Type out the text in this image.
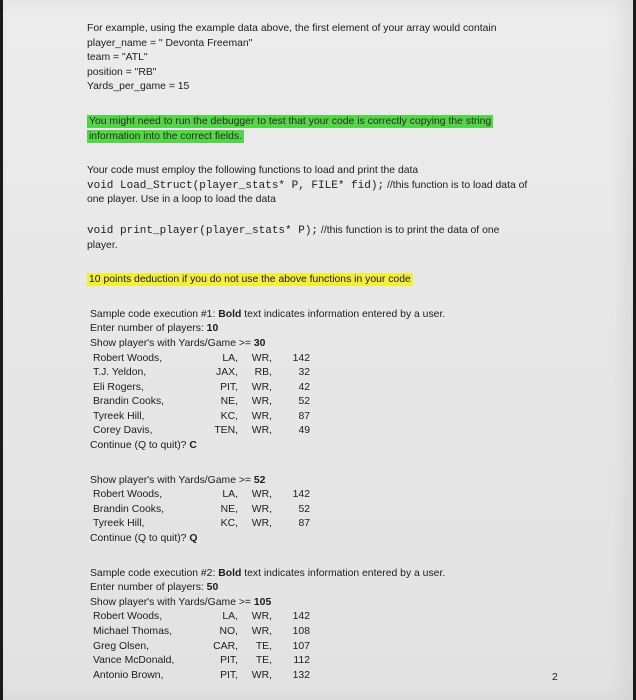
For example, using the example data above, the first element of your array would contain
player_name = " Devonta Freeman"
team = "ATL"
position = "RB"
Yards_per_game = 15
You might need to run the debugger to test that your code is correctly copying the string
information into the correct fields.
Your code must employ the following functions to load and print the data
void Load_Struct(player_stats* P, FILE* fid); //this function is to load data of
one player. Use in a loop to load the data
void print_player(player_stats* P); //this function is to print the data of one
player.
10 points deduction if you do not use the above functions in your code
Sample code execution #1: Bold text indicates information entered by a user.
Enter number of players: 10
Show player's with Yards/Game >= 30
Robert Woods,	LA,	WR,	142
T.J. Yeldon,	JAX,	RB,	32
Eli Rogers,	PIT,	WR,	42
Brandin Cooks,	NE,	WR,	52
Tyreek Hill,	KC,	WR,	87
Corey Davis,	TEN,	WR,	49
Continue (Q to quit)? C
Show player's with Yards/Game >= 52
Robert Woods,	LA,	WR,	142
Brandin Cooks,	NE,	WR,	52
Tyreek Hill,	KC,	WR,	87
Continue (Q to quit)? Q
Sample code execution #2: Bold text indicates information entered by a user.
Enter number of players: 50
Show player's with Yards/Game >= 105
Robert Woods,	LA,	WR,	142
Michael Thomas,	NO,	WR,	108
Greg Olsen,	CAR,	TE,	107
Vance McDonald,	PIT,	TE,	112
Antonio Brown,	PIT,	WR,	132	2
